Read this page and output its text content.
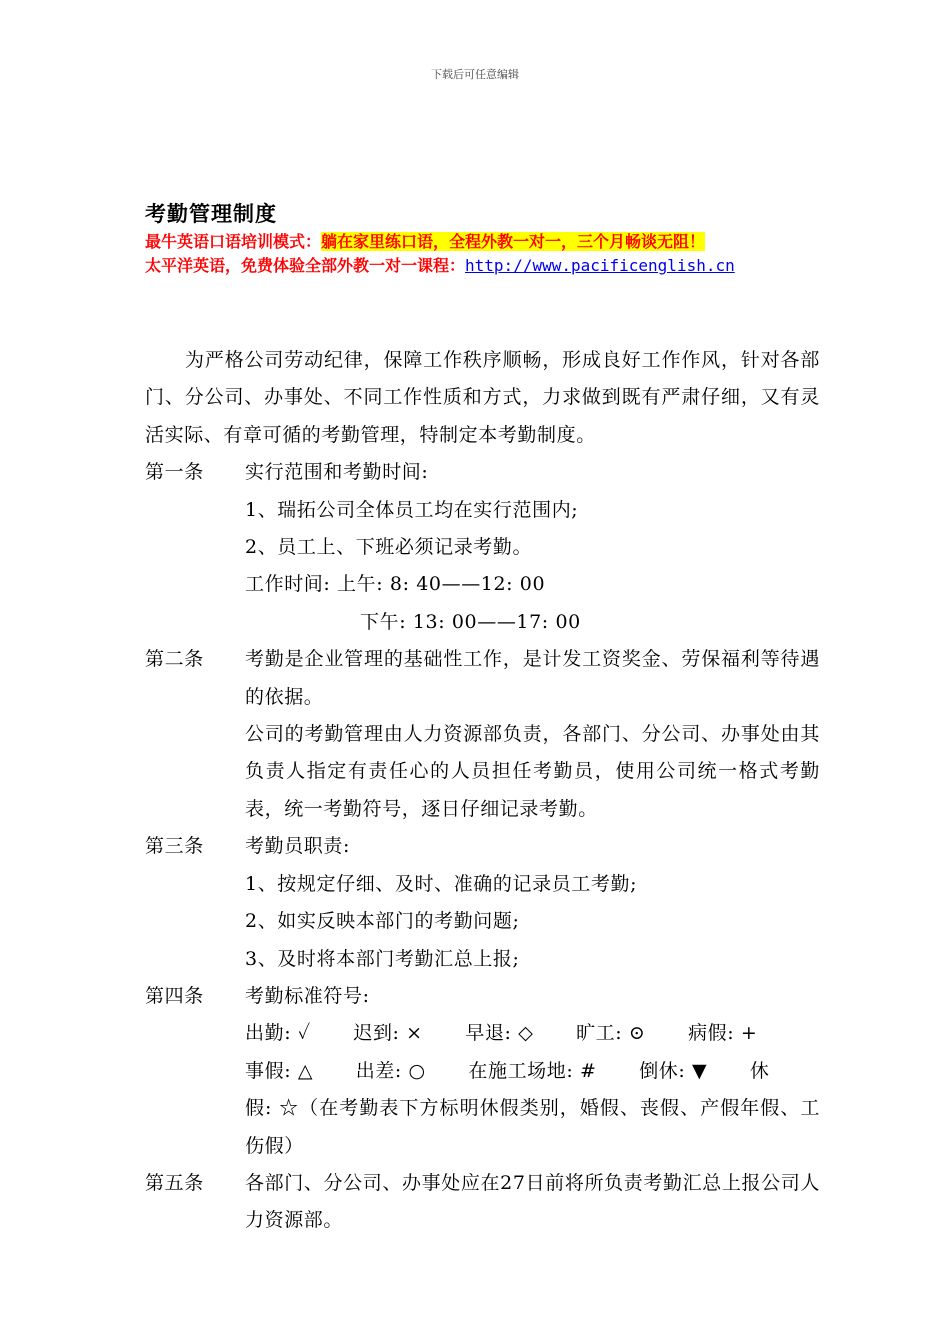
下载后可任意编辑
考勤管理制度
最牛英语口语培训模式：躺在家里练口语，全程外教一对一，三个月畅谈无阻！
太平洋英语，免费体验全部外教一对一课程：http://www.pacificenglish.cn
为严格公司劳动纪律，保障工作秩序顺畅，形成良好工作作风，针对各部门、分公司、办事处、不同工作性质和方式，力求做到既有严肃仔细，又有灵活实际、有章可循的考勤管理，特制定本考勤制度。
第一条 实行范围和考勤时间:
1、瑞拓公司全体员工均在实行范围内;
2、员工上、下班必须记录考勤。
工作时间: 上午: 8: 40——12: 00
下午: 13: 00——17: 00
第二条 考勤是企业管理的基础性工作，是计发工资奖金、劳保福利等待遇的依据。
公司的考勤管理由人力资源部负责，各部门、分公司、办事处由其负责人指定有责任心的人员担任考勤员，使用公司统一格式考勤表，统一考勤符号，逐日仔细记录考勤。
第三条 考勤员职责:
1、按规定仔细、及时、准确的记录员工考勤;
2、如实反映本部门的考勤问题;
3、及时将本部门考勤汇总上报;
第四条 考勤标准符号:
出勤: ✓ 迟到: × 早退: ◇ 旷工: ⊙ 病假: +
事假: △ 出差: ○ 在施工场地: # 倒休: ▼ 休
假: ☆（在考勤表下方标明休假类别，婚假、丧假、产假年假、工伤假）
第五条 各部门、分公司、办事处应在27日前将所负责考勤汇总上报公司人力资源部。
